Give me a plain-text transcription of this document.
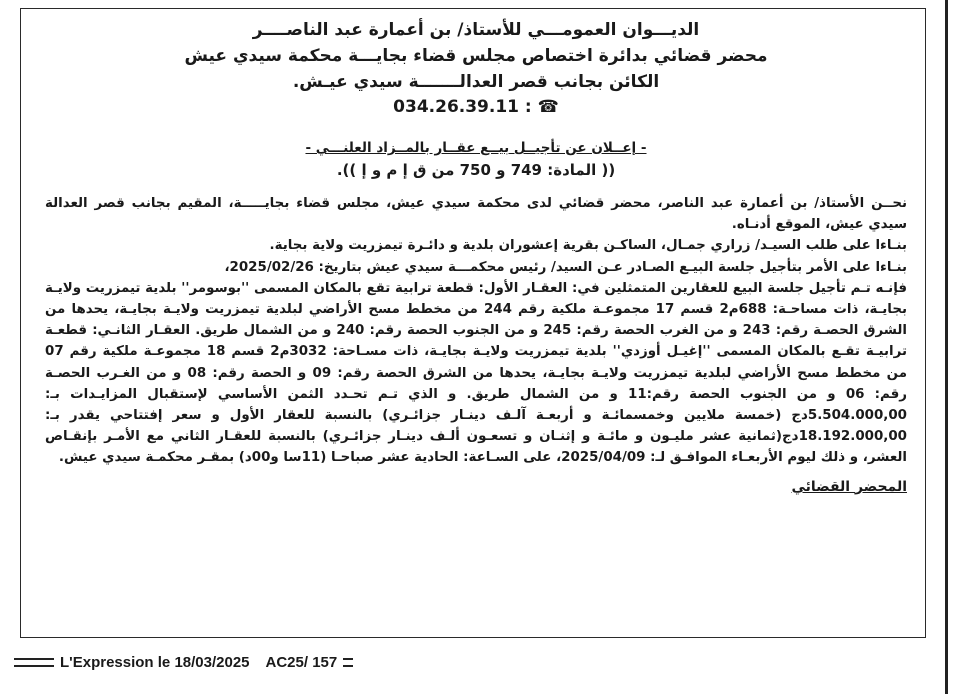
الديـــوان العمومـــي للأستاذ/ بن أعمارة عبد الناصــــر
محضر قضائي بدائرة اختصاص مجلس قضاء بجايـــة محكمة سيدي عيش
الكائن بجانب قصر العدالـــــــة سيدي عيـش.
034.26.39.11 : ☎
- إعــلان عن تأجيــل بيــع عقــار بالمــزاد العلنـــي -
(( المادة: 749 و 750 من ق إ م و إ )).

نحــن الأستاذ/ بن أعمارة عبد الناصر، محضر قضائي لدى محكمة سيدي عيش، مجلس قضاء بجايـــــة، المقيم بجانب قصر العدالة سيدي عيش، الموقع أدنـاه.

بنـاءا على طلب السيـد/ زراري جمـال، الساكـن بقرية إعشوران بلدية و دائـرة تيمزريت ولاية بجاية.

بنـاءا على الأمر بتأجيل جلسة البيـع الصـادر عـن السيد/ رئيس محكمـــة سيدي عيش بتاريخ: 2025/02/26،

فإنـه تـم تأجيل جلسة البيع للعقارين المتمثلين في: العقـار الأول: قطعة ترابية تقع بالمكان المسمى ''بوسومر'' بلدية تيمزريت ولايـة بجايـة، ذات مساحـة: 688م2 قسم 17 مجموعـة ملكية رقم 244 من مخطط مسح الأراضي لبلدية تيمزريت ولايـة بجايـة، يحدها من الشرق الحصـة رقم: 243 و من الغرب الحصة رقم: 245 و من الجنوب الحصة رقم: 240 و من الشمال طريق. العقـار الثانـي: قطعـة ترابيـة تقـع بالمكان المسمى ''إغيـل أوزدي'' بلدية تيمزريت ولايـة بجايـة، ذات مسـاحة: 3032م2 قسم 18 مجموعـة ملكية رقم 07 من مخطط مسح الأراضي لبلدية تيمزريت ولايـة بجايـة، يحدها من الشرق الحصة رقم: 09 و الحصة رقم: 08 و من الغـرب الحصـة رقم: 06 و من الجنوب الحصة رقم:11 و من الشمال طريق. و الذي تـم تحـدد الثمن الأساسي لإستقبال المزايـدات بـ: 5.504.000,00دج (خمسة ملايين وخمسمائـة و أربعـة آلـف دينـار جزائـري) بالنسبة للعقار الأول و سعر إفتتاحي يقدر بـ: 18.192.000,00دج(ثمانية عشر مليـون و مائـة و إثنـان و تسعـون ألـف دينـار جزائـري) بالنسبة للعقـار الثاني مع الأمـر بإنقـاص العشر، و ذلك ليوم الأربعـاء الموافـق لـ: 2025/04/09، على السـاعة: الحادية عشر صباحـا (11سا و00د) بمقـر محكمـة سيدي عيش.

المحضر القضائي
L'Expression le 18/03/2025 AC25/ 157
